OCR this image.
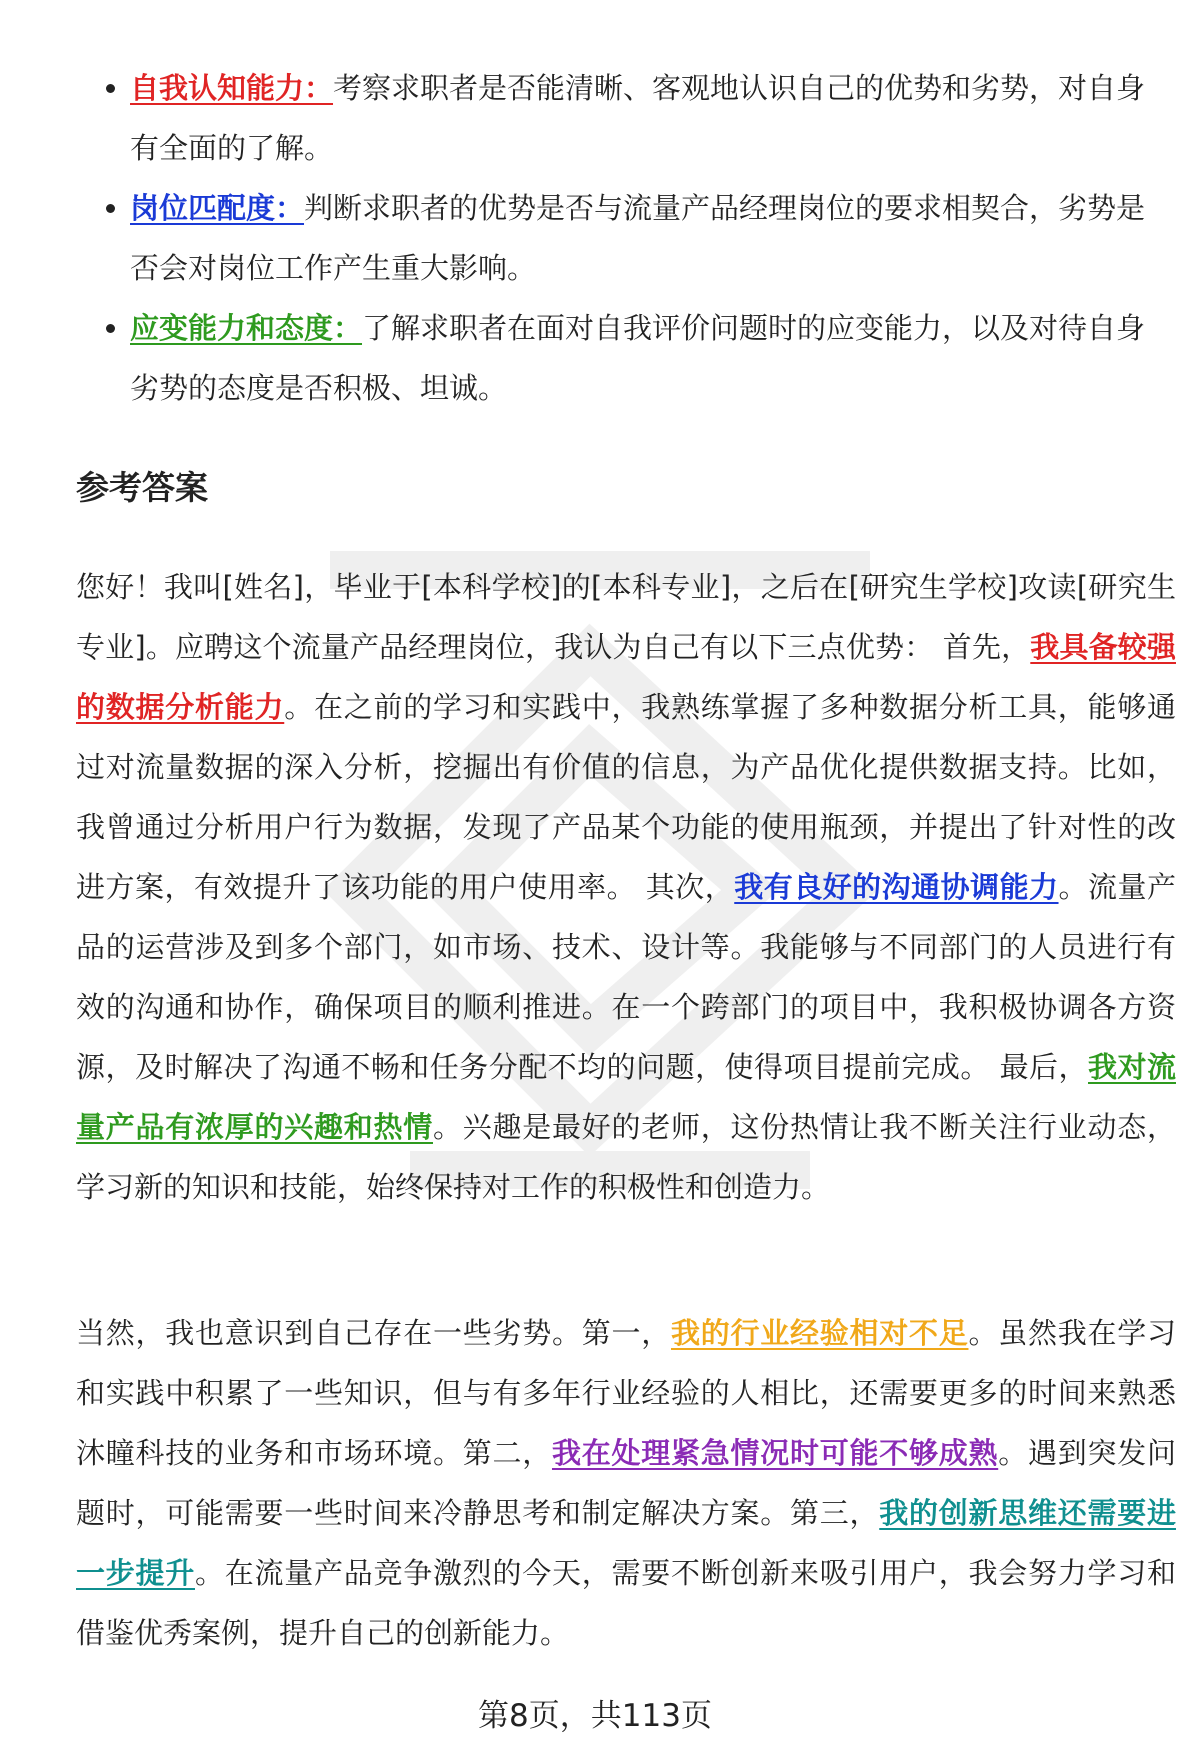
自我认知能力：考察求职者是否能清晰、客观地认识自己的优势和劣势，对自身有全面的了解。
岗位匹配度：判断求职者的优势是否与流量产品经理岗位的要求相契合，劣势是否会对岗位工作产生重大影响。
应变能力和态度：了解求职者在面对自我评价问题时的应变能力，以及对待自身劣势的态度是否积极、坦诚。
参考答案

您好！我叫[姓名]，毕业于[本科学校]的[本科专业]，之后在[研究生学校]攻读[研究生专业]。应聘这个流量产品经理岗位，我认为自己有以下三点优势： 首先，我具备较强的数据分析能力。在之前的学习和实践中，我熟练掌握了多种数据分析工具，能够通过对流量数据的深入分析，挖掘出有价值的信息，为产品优化提供数据支持。比如，我曾通过分析用户行为数据，发现了产品某个功能的使用瓶颈，并提出了针对性的改进方案，有效提升了该功能的用户使用率。 其次，我有良好的沟通协调能力。流量产品的运营涉及到多个部门，如市场、技术、设计等。我能够与不同部门的人员进行有效的沟通和协作，确保项目的顺利推进。在一个跨部门的项目中，我积极协调各方资源，及时解决了沟通不畅和任务分配不均的问题，使得项目提前完成。 最后，我对流量产品有浓厚的兴趣和热情。兴趣是最好的老师，这份热情让我不断关注行业动态，学习新的知识和技能，始终保持对工作的积极性和创造力。

当然，我也意识到自己存在一些劣势。第一，我的行业经验相对不足。虽然我在学习和实践中积累了一些知识，但与有多年行业经验的人相比，还需要更多的时间来熟悉沐瞳科技的业务和市场环境。第二，我在处理紧急情况时可能不够成熟。遇到突发问题时，可能需要一些时间来冷静思考和制定解决方案。第三，我的创新思维还需要进一步提升。在流量产品竞争激烈的今天，需要不断创新来吸引用户，我会努力学习和借鉴优秀案例，提升自己的创新能力。

第8页，共113页
